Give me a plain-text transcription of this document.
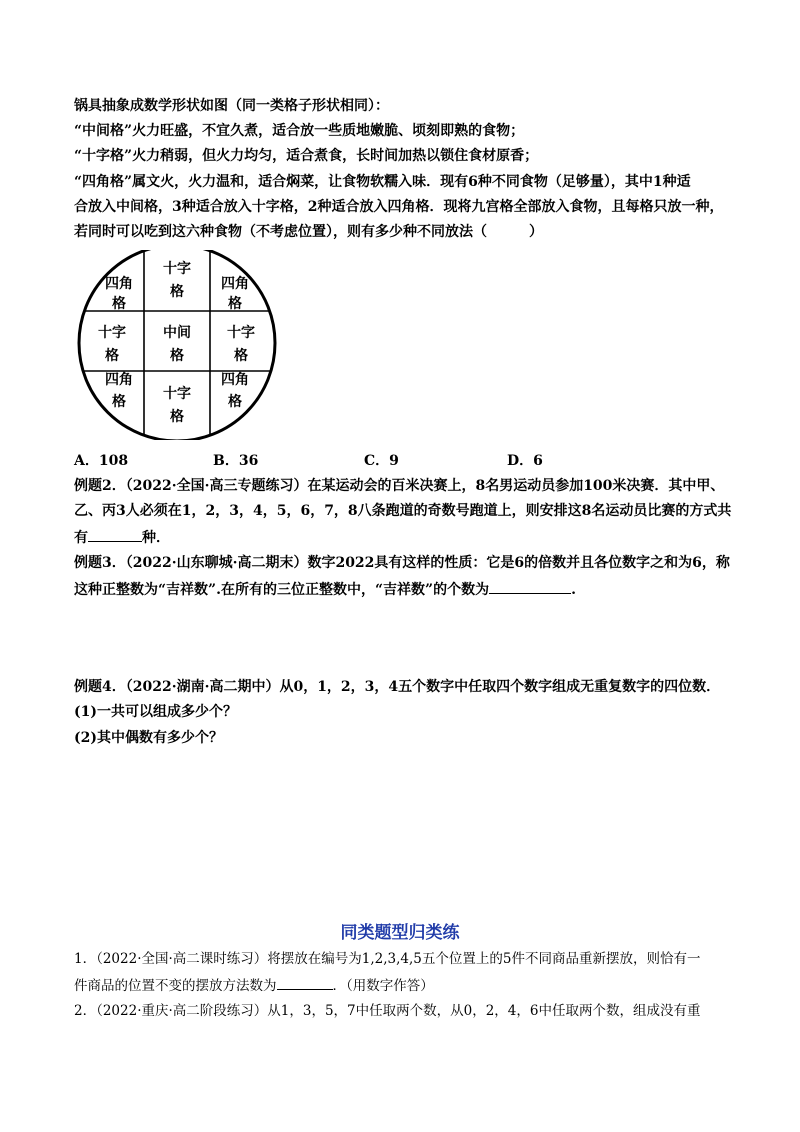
锅具抽象成数学形状如图（同一类格子形状相同）：
“中间格”火力旺盛，不宜久煮，适合放一些质地嫩脆、顷刻即熟的食物；
“十字格”火力稍弱，但火力均匀，适合煮食，长时间加热以锁住食材原香；
“四角格”属文火，火力温和，适合焖菜，让食物软糯入味．现有6种不同食物（足够量），其中1种适
合放入中间格，3种适合放入十字格，2种适合放入四角格．现将九宫格全部放入食物，且每格只放一种，
若同时可以吃到这六种食物（不考虑位置），则有多少种不同放法（　　　）
四角
格
十字
格	四角
格
十字
格
中间
格
十字
格
四角
格	十字
格
四角
格
A．108	B．36	C．9	D．6
例题2．（2022·全国·高三专题练习）在某运动会的百米决赛上，8名男运动员参加100米决赛．其中甲、
乙、丙3人必须在1，2，3，4，5，6，7，8八条跑道的奇数号跑道上，则安排这8名运动员比赛的方式共
有	种．
例题3．（2022·山东聊城·高二期末）数字2022具有这样的性质：它是6的倍数并且各位数字之和为6，称
这种正整数为“吉祥数”.在所有的三位正整数中，“吉祥数”的个数为	.
例题4．（2022·湖南·高二期中）从0，1，2，3，4五个数字中任取四个数字组成无重复数字的四位数．
(1)一共可以组成多少个？
(2)其中偶数有多少个？
同类题型归类练
1．（2022·全国·高二课时练习）将摆放在编号为1,2,3,4,5五个位置上的5件不同商品重新摆放，则恰有一
件商品的位置不变的摆放方法数为	．（用数字作答）
2．（2022·重庆·高二阶段练习）从1，3，5，7中任取两个数，从0，2，4，6中任取两个数，组成没有重
